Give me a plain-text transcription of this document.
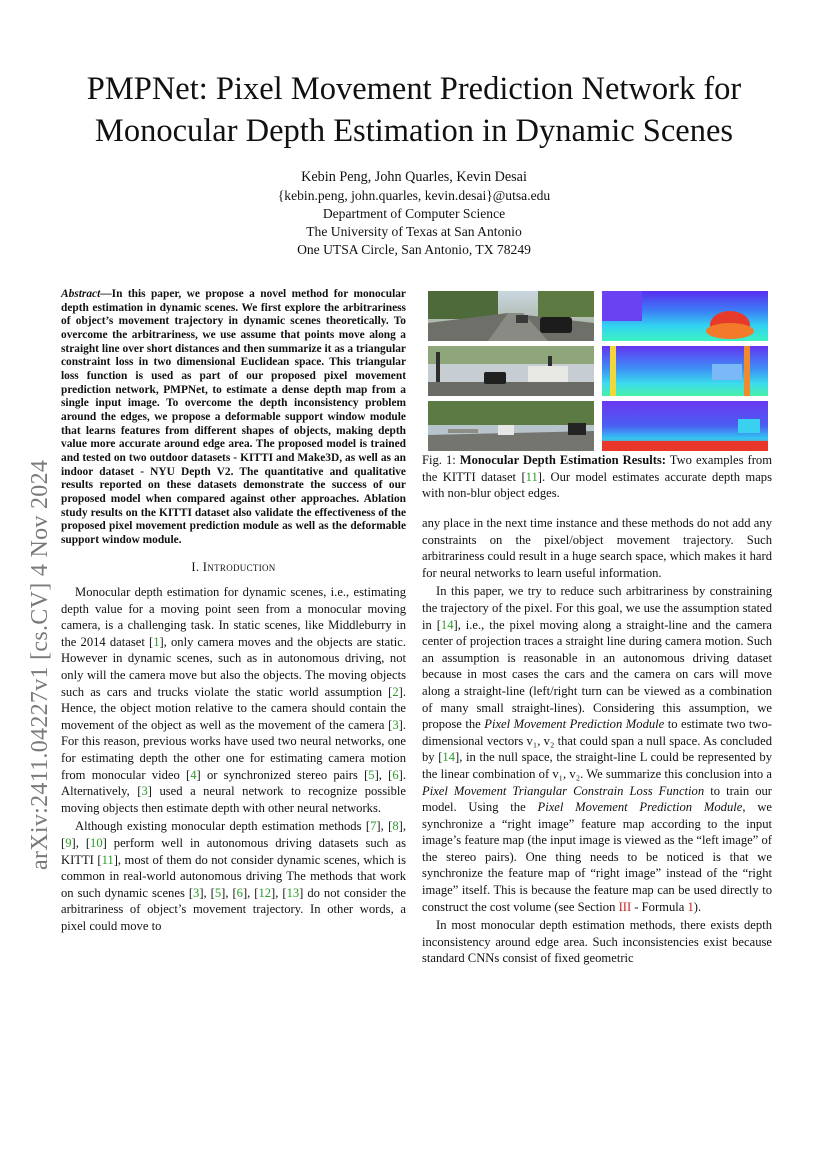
arXiv:2411.04227v1 [cs.CV] 4 Nov 2024
PMPNet: Pixel Movement Prediction Network for
Monocular Depth Estimation in Dynamic Scenes
Kebin Peng, John Quarles, Kevin Desai
{kebin.peng, john.quarles, kevin.desai}@utsa.edu
Department of Computer Science
The University of Texas at San Antonio
One UTSA Circle, San Antonio, TX 78249
Abstract—In this paper, we propose a novel method for monocular depth estimation in dynamic scenes. We first explore the arbitrariness of object’s movement trajectory in dynamic scenes theoretically. To overcome the arbitrariness, we use assume that points move along a straight line over short distances and then summarize it as a triangular constraint loss in two dimensional Euclidean space. This triangular loss function is used as part of our proposed pixel movement prediction network, PMPNet, to estimate a dense depth map from a single input image. To overcome the depth inconsistency problem around the edges, we propose a deformable support window module that learns features from different shapes of objects, making depth value more accurate around edge area. The proposed model is trained and tested on two outdoor datasets - KITTI and Make3D, as well as an indoor dataset - NYU Depth V2. The quantitative and qualitative results reported on these datasets demonstrate the success of our proposed model when compared against other approaches. Ablation study results on the KITTI dataset also validate the effectiveness of the proposed pixel movement prediction module as well as the deformable support window module.
I. Introduction

Monocular depth estimation for dynamic scenes, i.e., estimating depth value for a moving point seen from a monocular moving camera, is a challenging task. In static scenes, like Middleburry in the 2014 dataset [1], only camera moves and the objects are static. However in dynamic scenes, such as in autonomous driving, not only will the camera move but also the objects. The moving objects such as cars and trucks violate the static world assumption [2]. Hence, the object motion relative to the camera should contain the movement of the object as well as the movement of the camera [3]. For this reason, previous works have used two neural networks, one for estimating depth the other one for estimating camera motion from monocular video [4] or synchronized stereo pairs [5], [6]. Alternatively, [3] used a neural network to recognize possible moving objects then estimate depth with other neural networks.

Although existing monocular depth estimation methods [7], [8], [9], [10] perform well in autonomous driving datasets such as KITTI [11], most of them do not consider dynamic scenes, which is common in real-world autonomous driving The methods that work on such dynamic scenes [3], [5], [6], [12], [13] do not consider the arbitrariness of object’s movement trajectory. In other words, a pixel could move to

Fig. 1: Monocular Depth Estimation Results: Two examples from the KITTI dataset [11]. Our model estimates accurate depth maps with non-blur object edges.

any place in the next time instance and these methods do not add any constraints on the pixel/object movement trajectory. Such arbitrariness could result in a huge search space, which makes it hard for neural networks to learn useful information.

In this paper, we try to reduce such arbitrariness by constraining the trajectory of the pixel. For this goal, we use the assumption stated in [14], i.e., the pixel moving along a straight-line and the camera center of projection traces a straight line during camera motion. Such an assumption is reasonable in an autonomous driving dataset because in most cases the cars and the camera on cars will move along a straight-line (left/right turn can be viewed as a combination of many small straight-lines). Considering this assumption, we propose the Pixel Movement Prediction Module to estimate two two-dimensional vectors v₁, v₂ that could span a null space. As concluded by [14], in the null space, the straight-line L could be represented by the linear combination of v₁, v₂. We summarize this conclusion into a Pixel Movement Triangular Constrain Loss Function to train our model. Using the Pixel Movement Prediction Module, we synchronize a “right image” feature map according to the input image’s feature map (the input image is viewed as the “left image” of the stereo pairs). One thing needs to be noticed is that we synchronize the feature map of “right image” instead of the “right image” itself. This is because the feature map can be used directly to construct the cost volume (see Section III - Formula 1).

In most monocular depth estimation methods, there exists depth inconsistency around edge area. Such inconsistencies exist because standard CNNs consist of fixed geometric
